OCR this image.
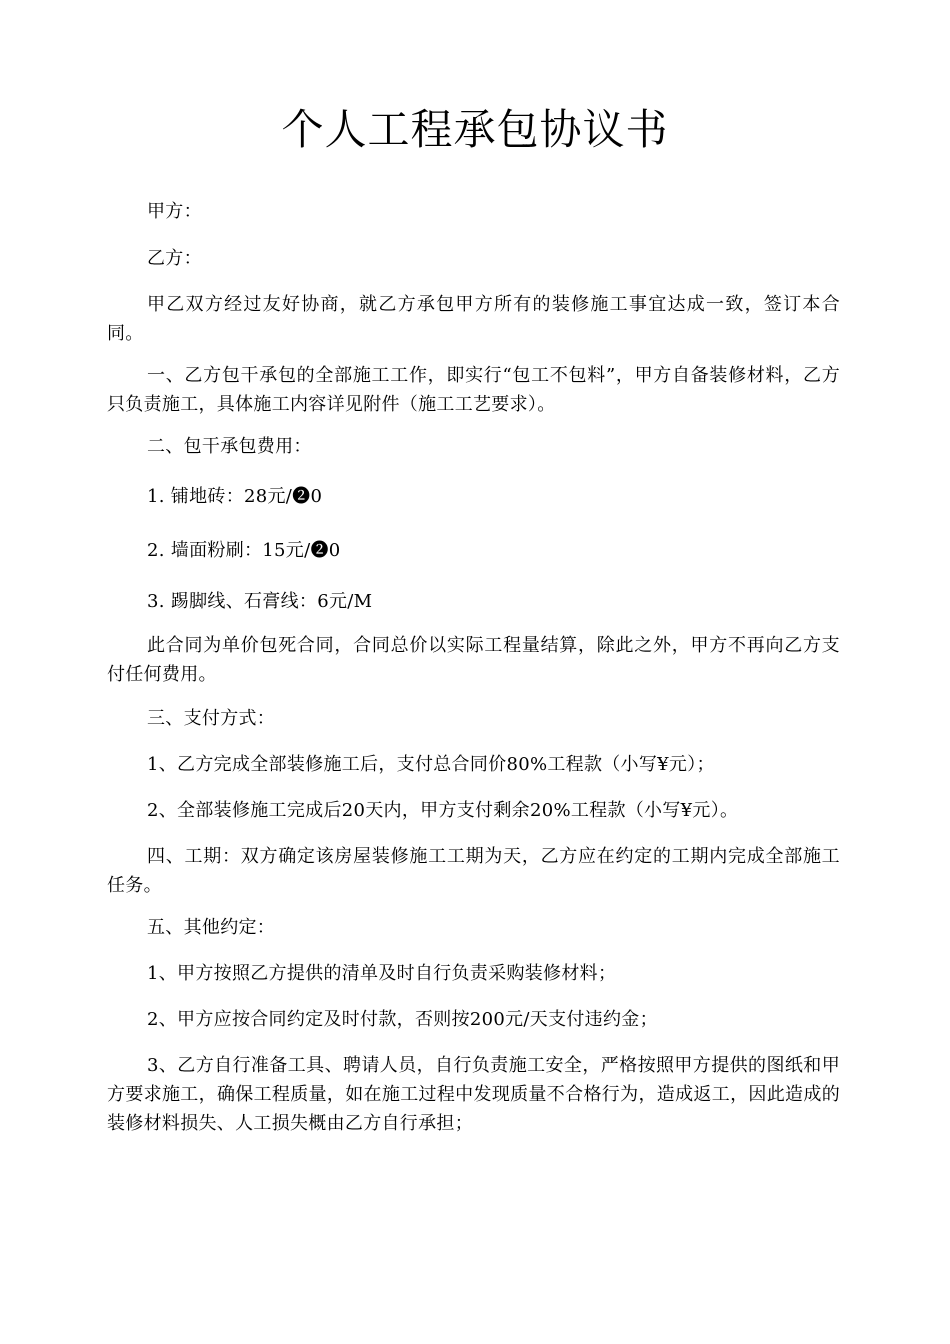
个人工程承包协议书
甲方：
乙方：
甲乙双方经过友好协商，就乙方承包甲方所有的装修施工事宜达成一致，签订本合同。
一、乙方包干承包的全部施工工作，即实行“包工不包料”，甲方自备装修材料，乙方只负责施工，具体施工内容详见附件（施工工艺要求）。
二、包干承包费用：
1. 铺地砖：28元/❷0
2. 墙面粉刷：15元/❷0
3. 踢脚线、石膏线：6元/M
此合同为单价包死合同，合同总价以实际工程量结算，除此之外，甲方不再向乙方支付任何费用。
三、支付方式：
1、乙方完成全部装修施工后，支付总合同价80%工程款（小写¥元）；
2、全部装修施工完成后20天内，甲方支付剩余20%工程款（小写¥元）。
四、工期：双方确定该房屋装修施工工期为天，乙方应在约定的工期内完成全部施工任务。
五、其他约定：
1、甲方按照乙方提供的清单及时自行负责采购装修材料；
2、甲方应按合同约定及时付款，否则按200元/天支付违约金；
3、乙方自行准备工具、聘请人员，自行负责施工安全，严格按照甲方提供的图纸和甲方要求施工，确保工程质量，如在施工过程中发现质量不合格行为，造成返工，因此造成的装修材料损失、人工损失概由乙方自行承担；
